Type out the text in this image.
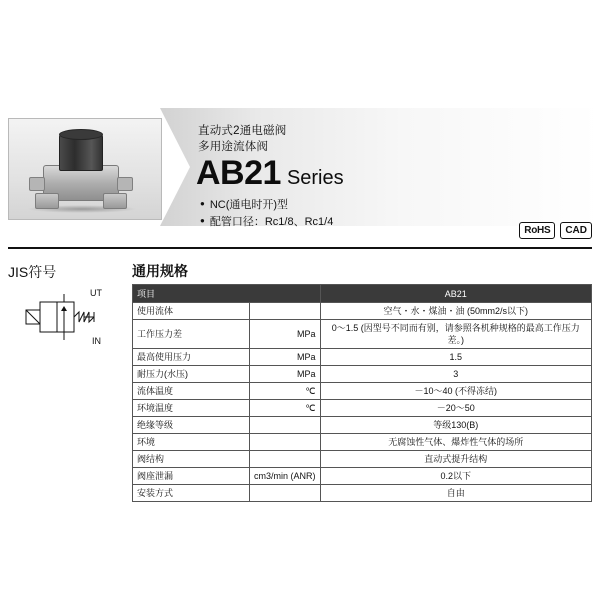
直动式2通电磁阀
多用途流体阀
AB21 Series
● NC(通电时开)型
● 配管口径：Rc1/8、Rc1/4
RoHS	CAD
JIS符号
UT
IN
通用规格
项目		AB21
使用流体		空气・水・煤油・油 (50mm2/s以下)
工作压力差	MPa	0～1.5 (因型号不同而有别，请参照各机种规格的最高工作压力差。)
最高使用压力	MPa	1.5
耐压力(水压)	MPa	3
流体温度	℃	－10～40 (不得冻结)
环境温度	℃	－20～50
绝缘等级		等级130(B)
环境		无腐蚀性气体、爆炸性气体的场所
阀结构		直动式提升结构
阀座泄漏	cm3/min (ANR)	0.2以下
安装方式		自由
